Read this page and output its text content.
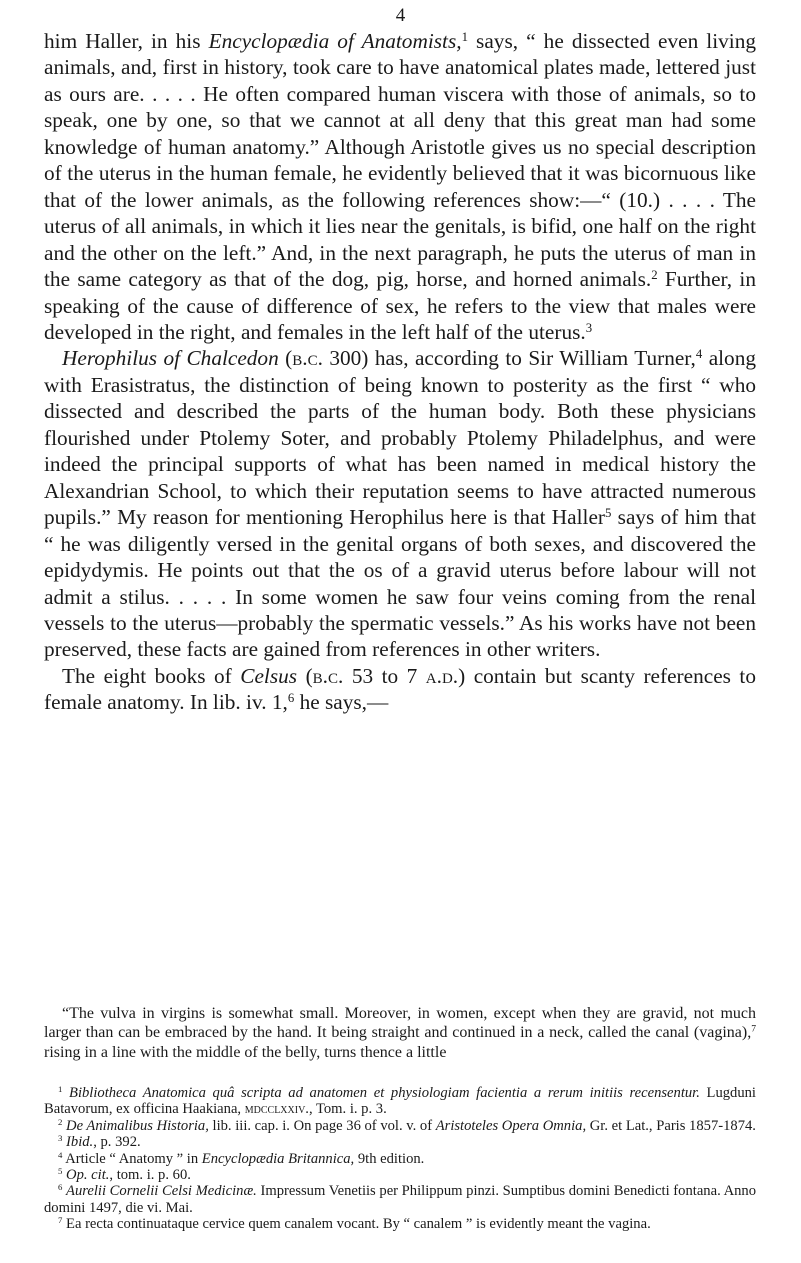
4

him Haller, in his Encyclopædia of Anatomists,$^1$ says, “ he dissected even living animals, and, first in history, took care to have anatomical plates made, lettered just as ours are. . . . . He often compared human viscera with those of animals, so to speak, one by one, so that we cannot at all deny that this great man had some knowledge of human anatomy.” Although Aristotle gives us no special description of the uterus in the human female, he evidently believed that it was bicornuous like that of the lower animals, as the following references show:—“ (10.) . . . . The uterus of all animals, in which it lies near the genitals, is bifid, one half on the right and the other on the left.” And, in the next paragraph, he puts the uterus of man in the same category as that of the dog, pig, horse, and horned animals.$^2$ Further, in speaking of the cause of difference of sex, he refers to the view that males were developed in the right, and females in the left half of the uterus.$^3$

Herophilus of Chalcedon (b.c. 300) has, according to Sir William Turner,$^4$ along with Erasistratus, the distinction of being known to posterity as the first “ who dissected and described the parts of the human body. Both these physicians flourished under Ptolemy Soter, and probably Ptolemy Philadelphus, and were indeed the principal supports of what has been named in medical history the Alexandrian School, to which their reputation seems to have attracted numerous pupils.” My reason for mentioning Herophilus here is that Haller$^5$ says of him that “ he was diligently versed in the genital organs of both sexes, and discovered the epidydymis. He points out that the os of a gravid uterus before labour will not admit a stilus. . . . . In some women he saw four veins coming from the renal vessels to the uterus—probably the spermatic vessels.” As his works have not been preserved, these facts are gained from references in other writers.

The eight books of Celsus (b.c. 53 to 7 a.d.) contain but scanty references to female anatomy. In lib. iv. 1,$^6$ he says,—

“The vulva in virgins is somewhat small. Moreover, in women, except when they are gravid, not much larger than can be embraced by the hand. It being straight and continued in a neck, called the canal (vagina),$^7$ rising in a line with the middle of the belly, turns thence a little

$^1$ Bibliotheca Anatomica quâ scripta ad anatomen et physiologiam facientia a rerum initiis recensentur. Lugduni Batavorum, ex officina Haakiana, mdcclxxiv., Tom. i. p. 3.

$^2$ De Animalibus Historia, lib. iii. cap. i. On page 36 of vol. v. of Aristoteles Opera Omnia, Gr. et Lat., Paris 1857-1874.

$^3$ Ibid., p. 392.

$^4$ Article “ Anatomy ” in Encyclopædia Britannica, 9th edition.

$^5$ Op. cit., tom. i. p. 60.

$^6$ Aurelii Cornelii Celsi Medicinæ. Impressum Venetiis per Philippum pinzi. Sumptibus domini Benedicti fontana. Anno domini 1497, die vi. Mai.

$^7$ Ea recta continuataque cervice quem canalem vocant. By “ canalem ” is evidently meant the vagina.
